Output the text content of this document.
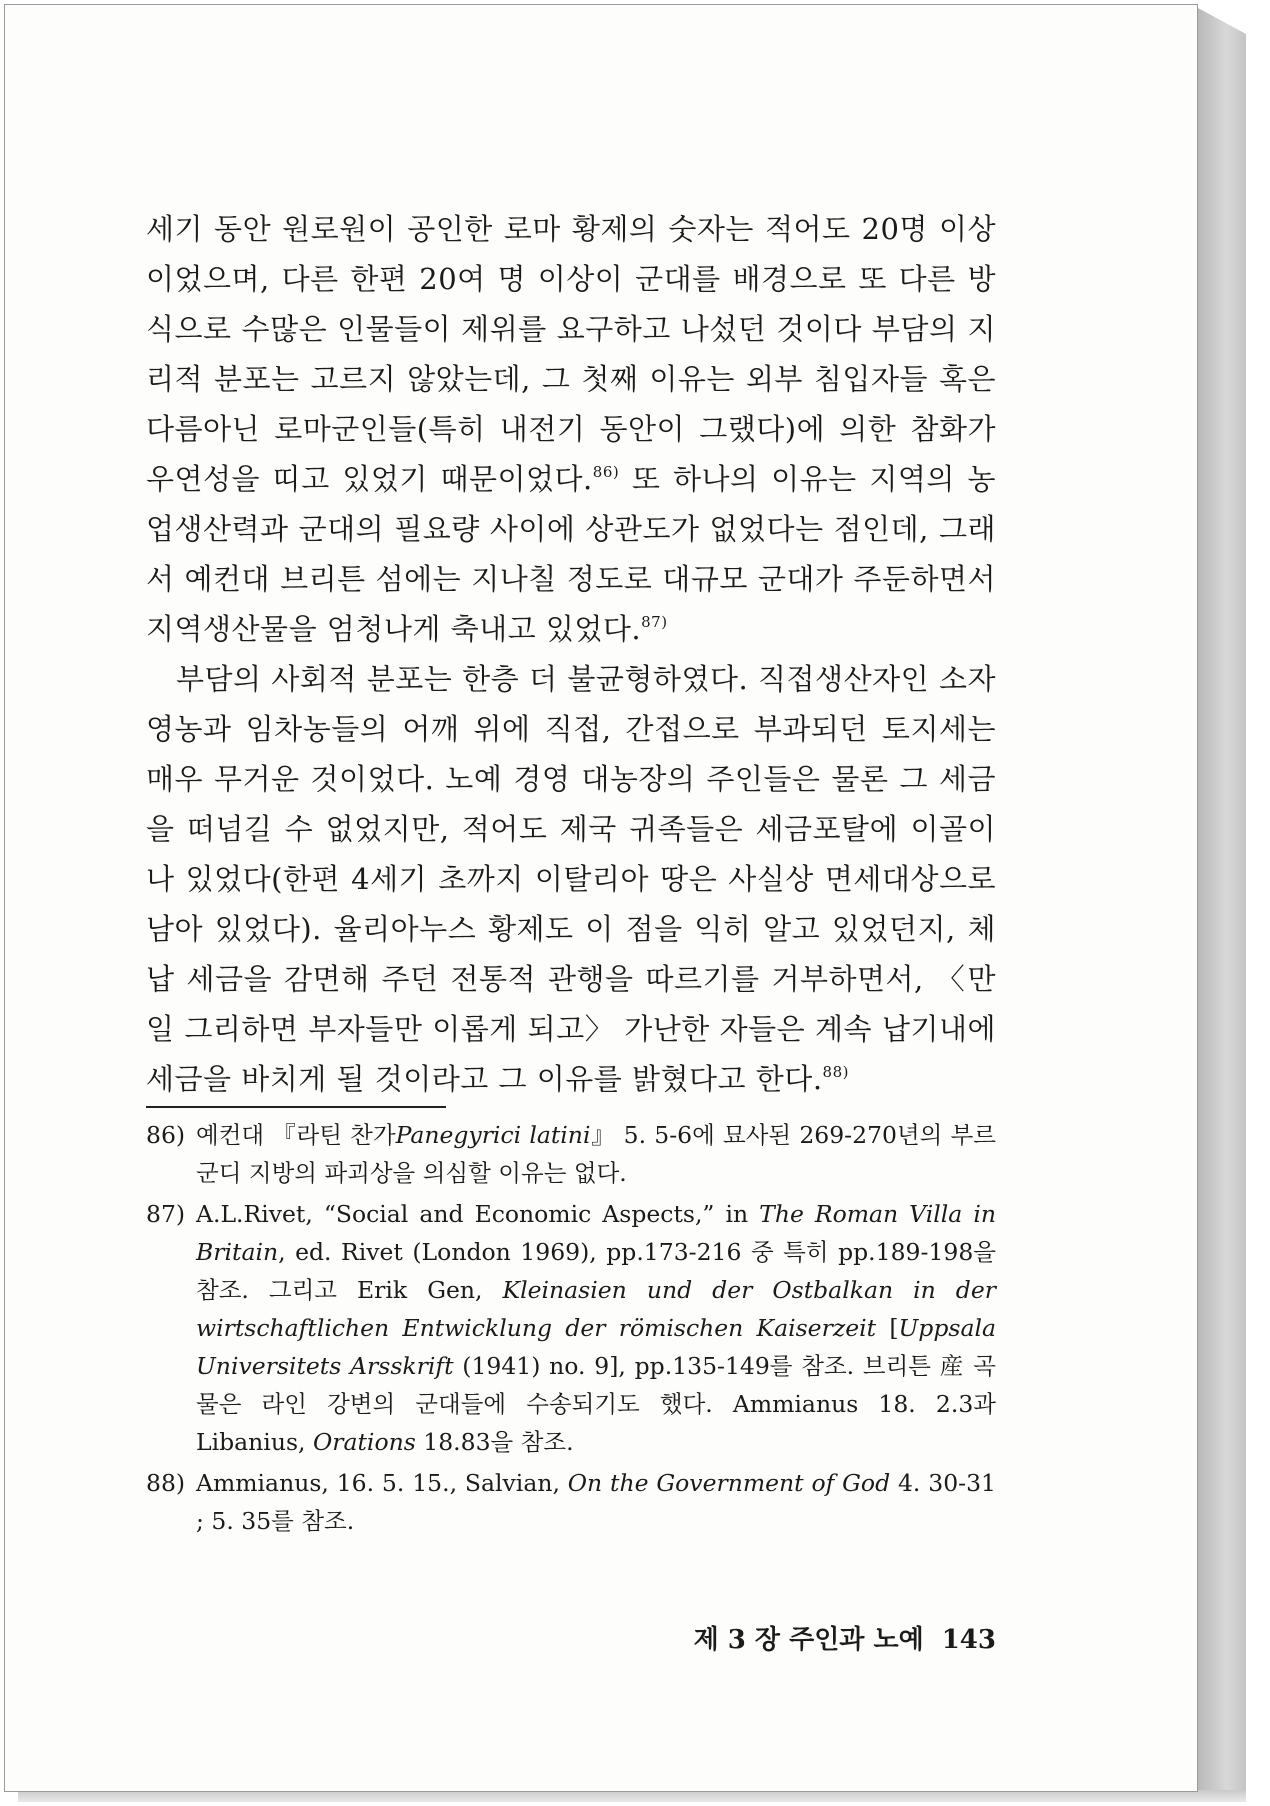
세기 동안 원로원이 공인한 로마 황제의 숫자는 적어도 20명 이상이었으며, 다른 한편 20여 명 이상이 군대를 배경으로 또 다른 방식으로 수많은 인물들이 제위를 요구하고 나섰던 것이다 부담의 지리적 분포는 고르지 않았는데, 그 첫째 이유는 외부 침입자들 혹은 다름아닌 로마군인들(특히 내전기 동안이 그랬다)에 의한 참화가 우연성을 띠고 있었기 때문이었다.$^{86)}$ 또 하나의 이유는 지역의 농업생산력과 군대의 필요량 사이에 상관도가 없었다는 점인데, 그래서 예컨대 브리튼 섬에는 지나칠 정도로 대규모 군대가 주둔하면서 지역생산물을 엄청나게 축내고 있었다.$^{87)}$

부담의 사회적 분포는 한층 더 불균형하였다. 직접생산자인 소자영농과 임차농들의 어깨 위에 직접, 간접으로 부과되던 토지세는 매우 무거운 것이었다. 노예 경영 대농장의 주인들은 물론 그 세금을 떠넘길 수 없었지만, 적어도 제국 귀족들은 세금포탈에 이골이 나 있었다(한편 4세기 초까지 이탈리아 땅은 사실상 면세대상으로 남아 있었다). 율리아누스 황제도 이 점을 익히 알고 있었던지, 체납 세금을 감면해 주던 전통적 관행을 따르기를 거부하면서, 〈만일 그리하면 부자들만 이롭게 되고〉 가난한 자들은 계속 납기내에 세금을 바치게 될 것이라고 그 이유를 밝혔다고 한다.$^{88)}$

86) 예컨대 『라틴 찬가Panegyrici latini』 5. 5-6에 묘사된 269-270년의 부르군디 지방의 파괴상을 의심할 이유는 없다.
87) A.L.Rivet, “Social and Economic Aspects,” in The Roman Villa in Britain, ed. Rivet (London 1969), pp.173-216 중 특히 pp.189-198을 참조. 그리고 Erik Gen, Kleinasien und der Ostbalkan in der wirtschaftlichen Entwicklung der römischen Kaiserzeit [Uppsala Universitets Arsskrift (1941) no. 9], pp.135-149를 참조. 브리튼 産 곡물은 라인 강변의 군대들에 수송되기도 했다. Ammianus 18. 2.3과 Libanius, Orations 18.83을 참조.
88) Ammianus, 16. 5. 15., Salvian, On the Government of God 4. 30-31 ; 5. 35를 참조.
제 3 장 주인과 노예 143
